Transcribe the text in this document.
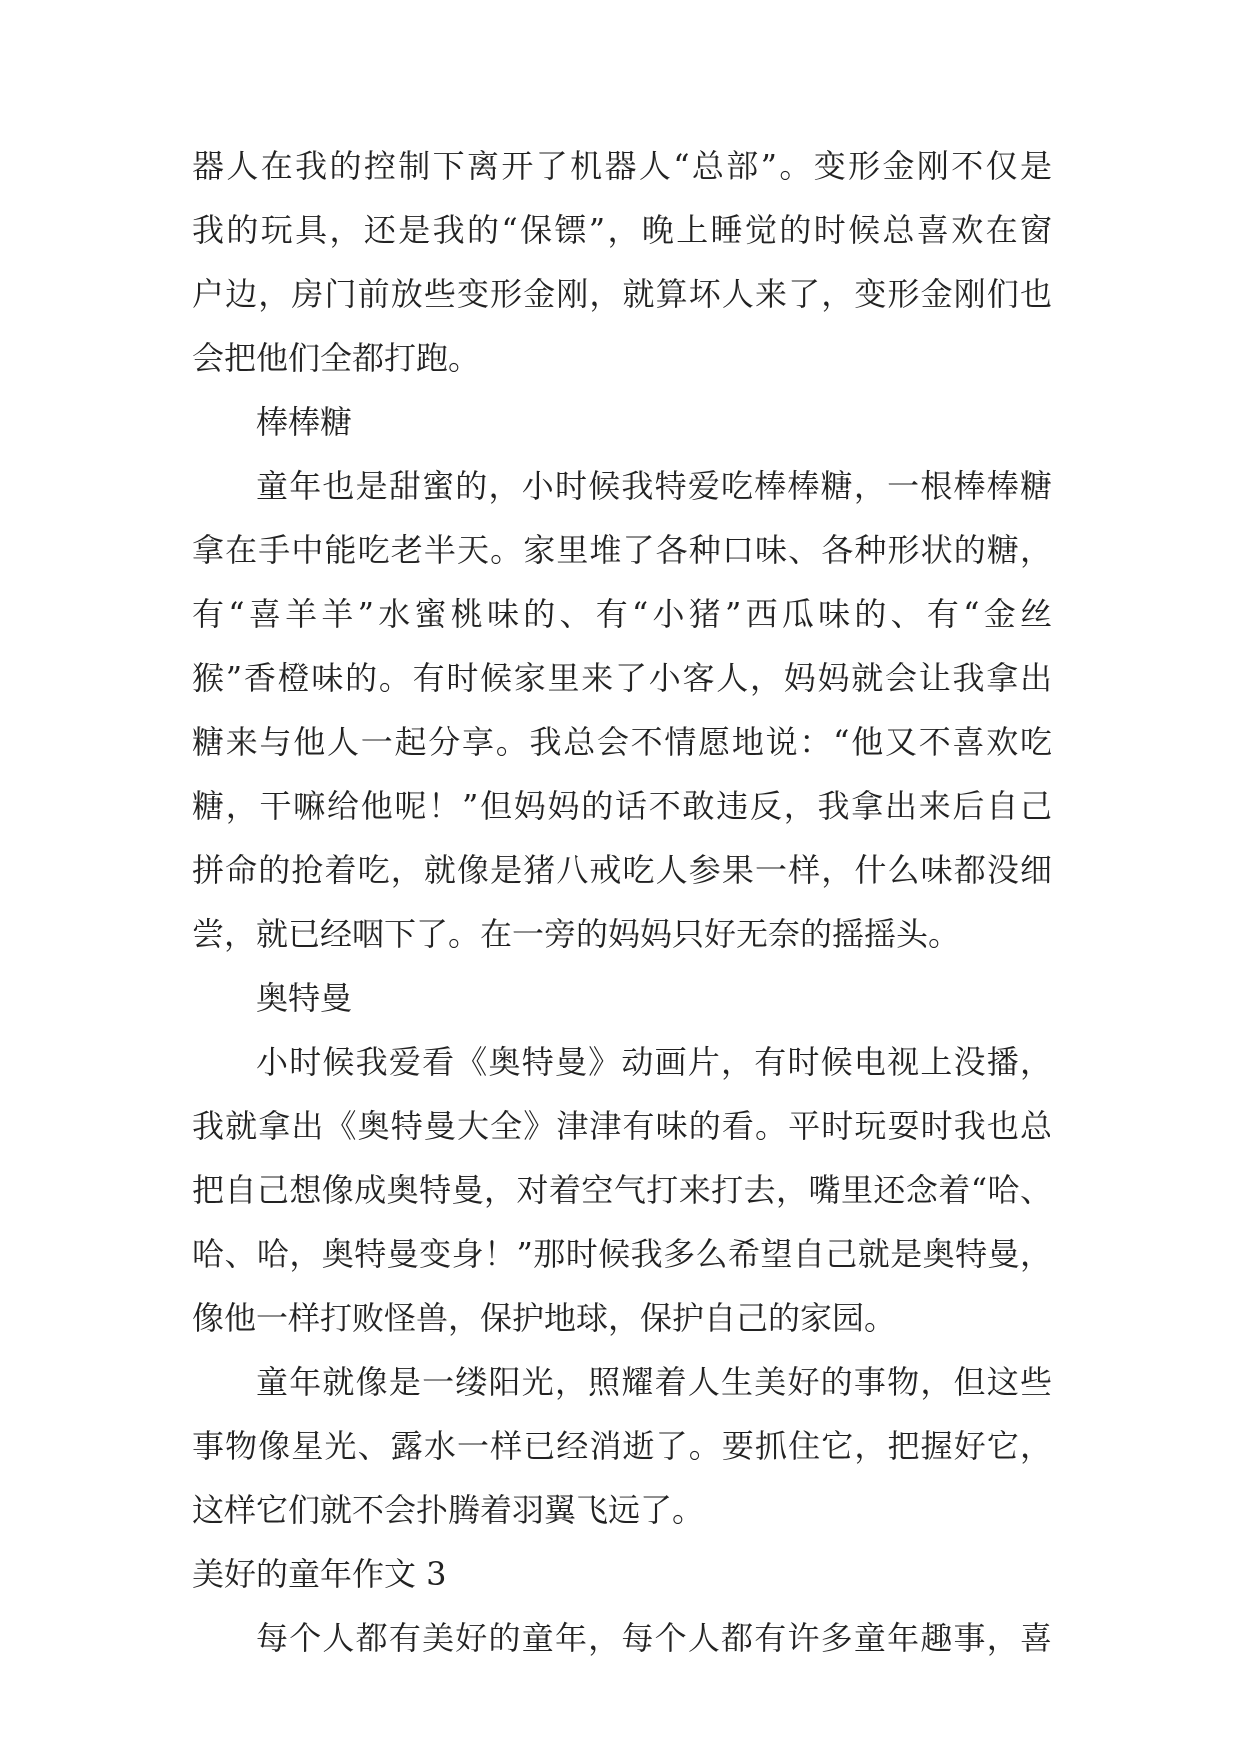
器人在我的控制下离开了机器人“总部”。变形金刚不仅是
我的玩具，还是我的“保镖”，晚上睡觉的时候总喜欢在窗
户边，房门前放些变形金刚，就算坏人来了，变形金刚们也
会把他们全都打跑。
棒棒糖
童年也是甜蜜的，小时候我特爱吃棒棒糖，一根棒棒糖
拿在手中能吃老半天。家里堆了各种口味、各种形状的糖，
有“喜羊羊”水蜜桃味的、有“小猪”西瓜味的、有“金丝
猴”香橙味的。有时候家里来了小客人，妈妈就会让我拿出
糖来与他人一起分享。我总会不情愿地说：“他又不喜欢吃
糖，干嘛给他呢！”但妈妈的话不敢违反，我拿出来后自己
拼命的抢着吃，就像是猪八戒吃人参果一样，什么味都没细
尝，就已经咽下了。在一旁的妈妈只好无奈的摇摇头。
奥特曼
小时候我爱看《奥特曼》动画片，有时候电视上没播，
我就拿出《奥特曼大全》津津有味的看。平时玩耍时我也总
把自己想像成奥特曼，对着空气打来打去，嘴里还念着“哈、
哈、哈，奥特曼变身！”那时候我多么希望自己就是奥特曼，
像他一样打败怪兽，保护地球，保护自己的家园。
童年就像是一缕阳光，照耀着人生美好的事物，但这些
事物像星光、露水一样已经消逝了。要抓住它，把握好它，
这样它们就不会扑腾着羽翼飞远了。
美好的童年作文 3
每个人都有美好的童年，每个人都有许多童年趣事，喜
